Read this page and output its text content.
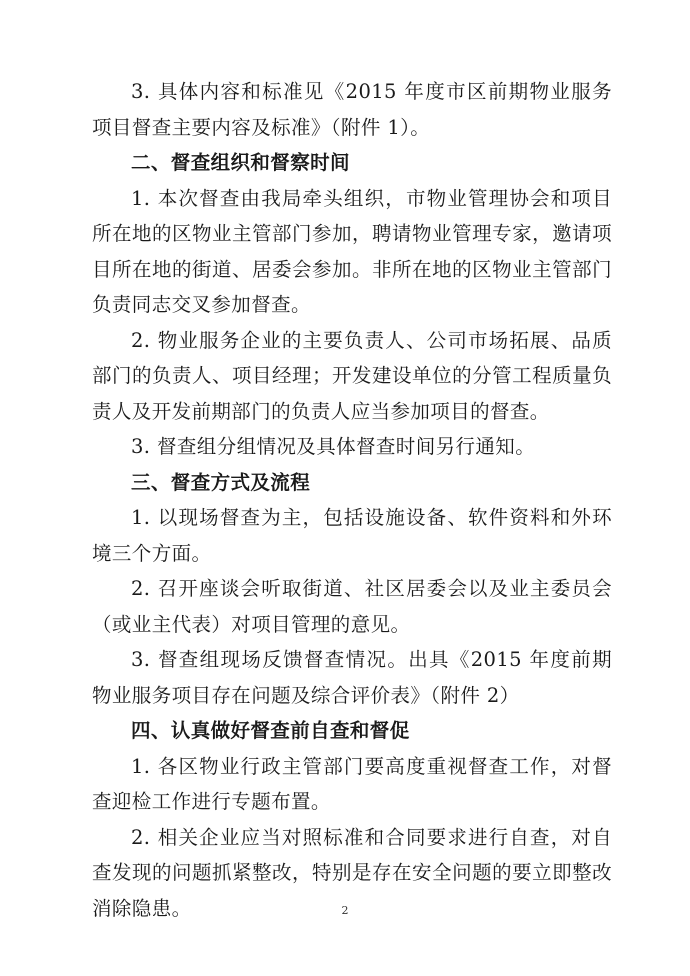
3. 具体内容和标准见《2015 年度市区前期物业服务项目督查主要内容及标准》（附件 1）。

二、督查组织和督察时间

1. 本次督查由我局牵头组织，市物业管理协会和项目所在地的区物业主管部门参加，聘请物业管理专家，邀请项目所在地的街道、居委会参加。非所在地的区物业主管部门负责同志交叉参加督查。

2. 物业服务企业的主要负责人、公司市场拓展、品质部门的负责人、项目经理；开发建设单位的分管工程质量负责人及开发前期部门的负责人应当参加项目的督查。

3. 督查组分组情况及具体督查时间另行通知。

三、督查方式及流程

1. 以现场督查为主，包括设施设备、软件资料和外环境三个方面。

2. 召开座谈会听取街道、社区居委会以及业主委员会（或业主代表）对项目管理的意见。

3. 督查组现场反馈督查情况。出具《2015 年度前期物业服务项目存在问题及综合评价表》（附件 2）

四、认真做好督查前自查和督促

1. 各区物业行政主管部门要高度重视督查工作，对督查迎检工作进行专题布置。

2. 相关企业应当对照标准和合同要求进行自查，对自查发现的问题抓紧整改，特别是存在安全问题的要立即整改消除隐患。	2
